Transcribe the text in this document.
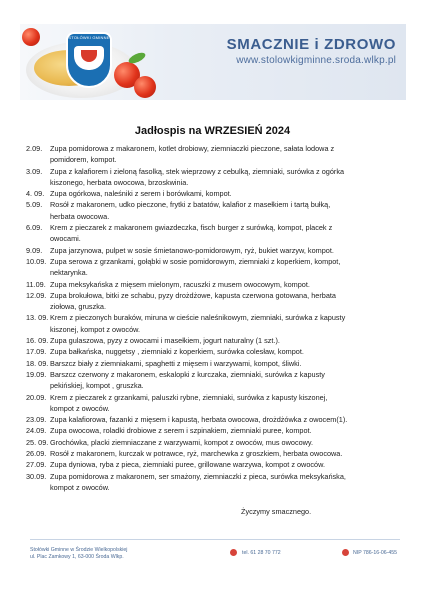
STOŁÓWKI GMINNE	SMACZNIE i ZDROWO
www.stolowkigminne.sroda.wlkp.pl
Jadłospis na WRZESIEŃ 2024
2.09.	Zupa pomidorowa z makaronem, kotlet drobiowy, ziemniaczki pieczone, sałata lodowa z
pomidorem, kompot.
3.09.	Zupa z kalafiorem i zieloną fasolką, stek wieprzowy z cebulką, ziemniaki, surówka z ogórka
kiszonego, herbata owocowa, brzoskwinia.
4. 09. Zupa ogórkowa, naleśniki z serem i borówkami, kompot.
5.09.	Rosół z makaronem, udko pieczone, frytki z batatów, kalafior z masełkiem i tartą bułką,
herbata owocowa.
6.09.	Krem z pieczarek z makaronem gwiazdeczka, fisch burger z surówką, kompot, placek z
owocami.
9.09.	Zupa jarzynowa, pulpet w sosie śmietanowo-pomidorowym, ryż, bukiet warzyw, kompot.
10.09. Zupa serowa z grzankami, gołąbki w sosie pomidorowym, ziemniaki z koperkiem, kompot,
nektarynka.
11.09. Zupa meksykańska z mięsem mielonym, racuszki z musem owocowym, kompot.
12.09. Zupa brokułowa, bitki ze schabu, pyzy drożdżowe, kapusta czerwona gotowana, herbata
ziołowa, gruszka.
13. 09. Krem z pieczonych buraków, miruna w cieście naleśnikowym, ziemniaki, surówka z kapusty
kiszonej, kompot z owoców.
16. 09. Zupa gulaszowa, pyzy z owocami i masełkiem, jogurt naturalny (1 szt.).
17.09. Zupa bałkańska, nuggetsy , ziemniaki z koperkiem, surówka colesław, kompot.
18. 09. Barszcz biały z ziemniakami, spaghetti z mięsem i warzywami, kompot, śliwki.
19.09. Barszcz czerwony z makaronem, eskalopki z kurczaka, ziemniaki, surówka z kapusty
pekińskiej, kompot , gruszka.
20.09. Krem z pieczarek z grzankami, paluszki rybne, ziemniaki, surówka z kapusty kiszonej,
kompot z owoców.
23.09. Zupa kalafiorowa, fazanki z mięsem i kapustą, herbata owocowa, drożdżówka z owocem(1).
24.09. Zupa owocowa, roladki drobiowe z serem i szpinakiem, ziemniaki puree, kompot.
25. 09. Grochówka, placki ziemniaczane z warzywami, kompot z owoców, mus owocowy.
26.09. Rosół z makaronem, kurczak w potrawce, ryż, marchewka z groszkiem, herbata owocowa.
27.09. Zupa dyniowa, ryba z pieca, ziemniaki puree, grillowane warzywa, kompot z owoców.
30.09. Zupa pomidorowa z makaronem, ser smażony, ziemniaczki z pieca, surówka meksykańska,
kompot z owoców.
Życzymy smacznego.
Stołówki Gminne w Środzie Wielkopolskiej
ul. Plac Zamkowy 1, 63-000 Środa Wlkp.
tel. 61 28 70 772	NIP 786-16-06-455
